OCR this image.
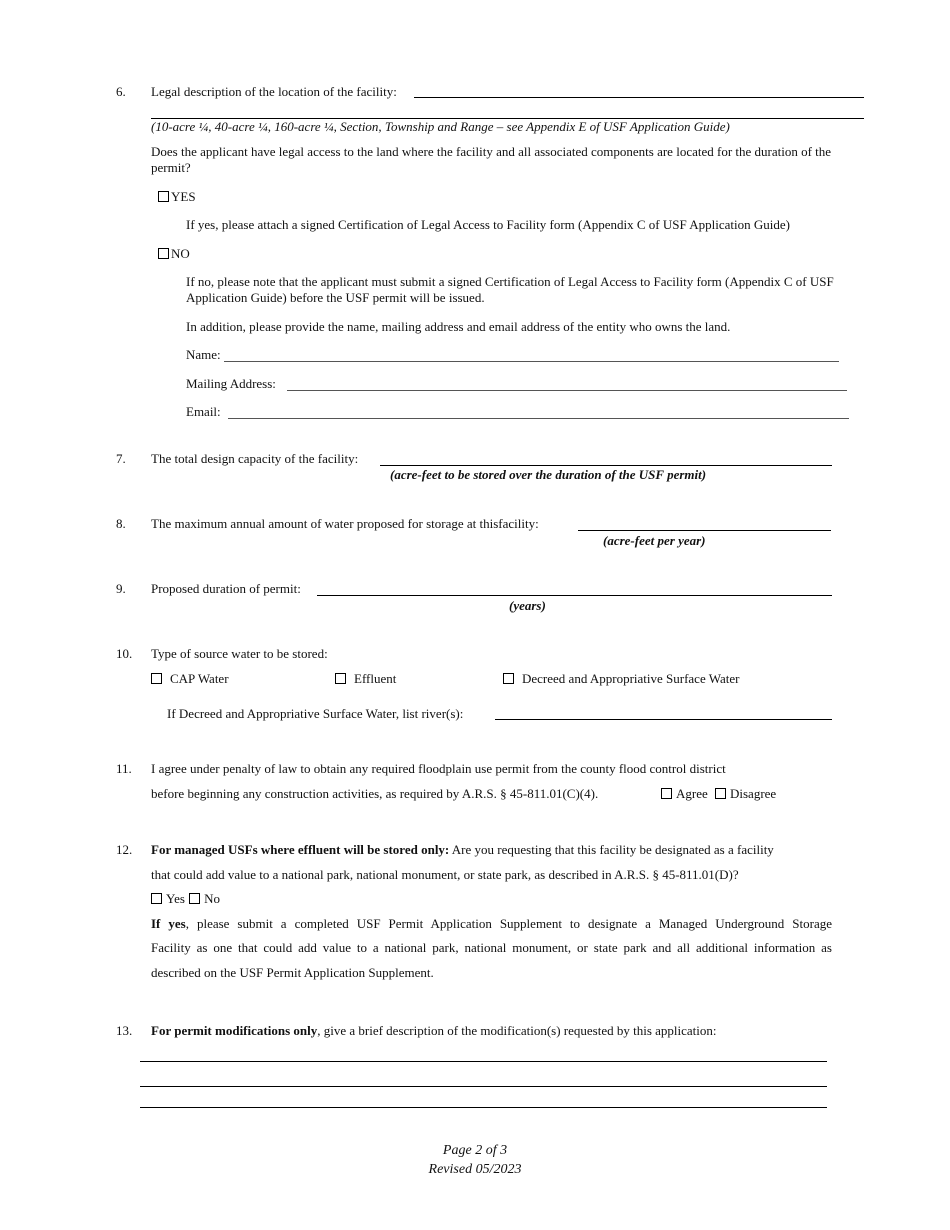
6. Legal description of the location of the facility:
(10-acre ¼, 40-acre ¼, 160-acre ¼, Section, Township and Range – see Appendix E of USF Application Guide)
Does the applicant have legal access to the land where the facility and all associated components are located for the duration of the permit?
YES
If yes, please attach a signed Certification of Legal Access to Facility form (Appendix C of USF Application Guide)
NO
If no, please note that the applicant must submit a signed Certification of Legal Access to Facility form (Appendix C of USF Application Guide) before the USF permit will be issued.
In addition, please provide the name, mailing address and email address of the entity who owns the land.
Name:
Mailing Address:
Email:
7. The total design capacity of the facility:
(acre-feet to be stored over the duration of the USF permit)
8. The maximum annual amount of water proposed for storage at thisfacility:
(acre-feet per year)
9. Proposed duration of permit:
(years)
10. Type of source water to be stored:
CAP Water	Effluent	Decreed and Appropriative Surface Water
If Decreed and Appropriative Surface Water, list river(s):
11. I agree under penalty of law to obtain any required floodplain use permit from the county flood control district
before beginning any construction activities, as required by A.R.S. § 45-811.01(C)(4).	Agree	Disagree
12. For managed USFs where effluent will be stored only: Are you requesting that this facility be designated as a facility
that could add value to a national park, national monument, or state park, as described in A.R.S. § 45-811.01(D)?
Yes No
If yes, please submit a completed USF Permit Application Supplement to designate a Managed Underground Storage
Facility as one that could add value to a national park, national monument, or state park and all additional information as
described on the USF Permit Application Supplement.
13. For permit modifications only, give a brief description of the modification(s) requested by this application:
Page 2 of 3
Revised 05/2023
